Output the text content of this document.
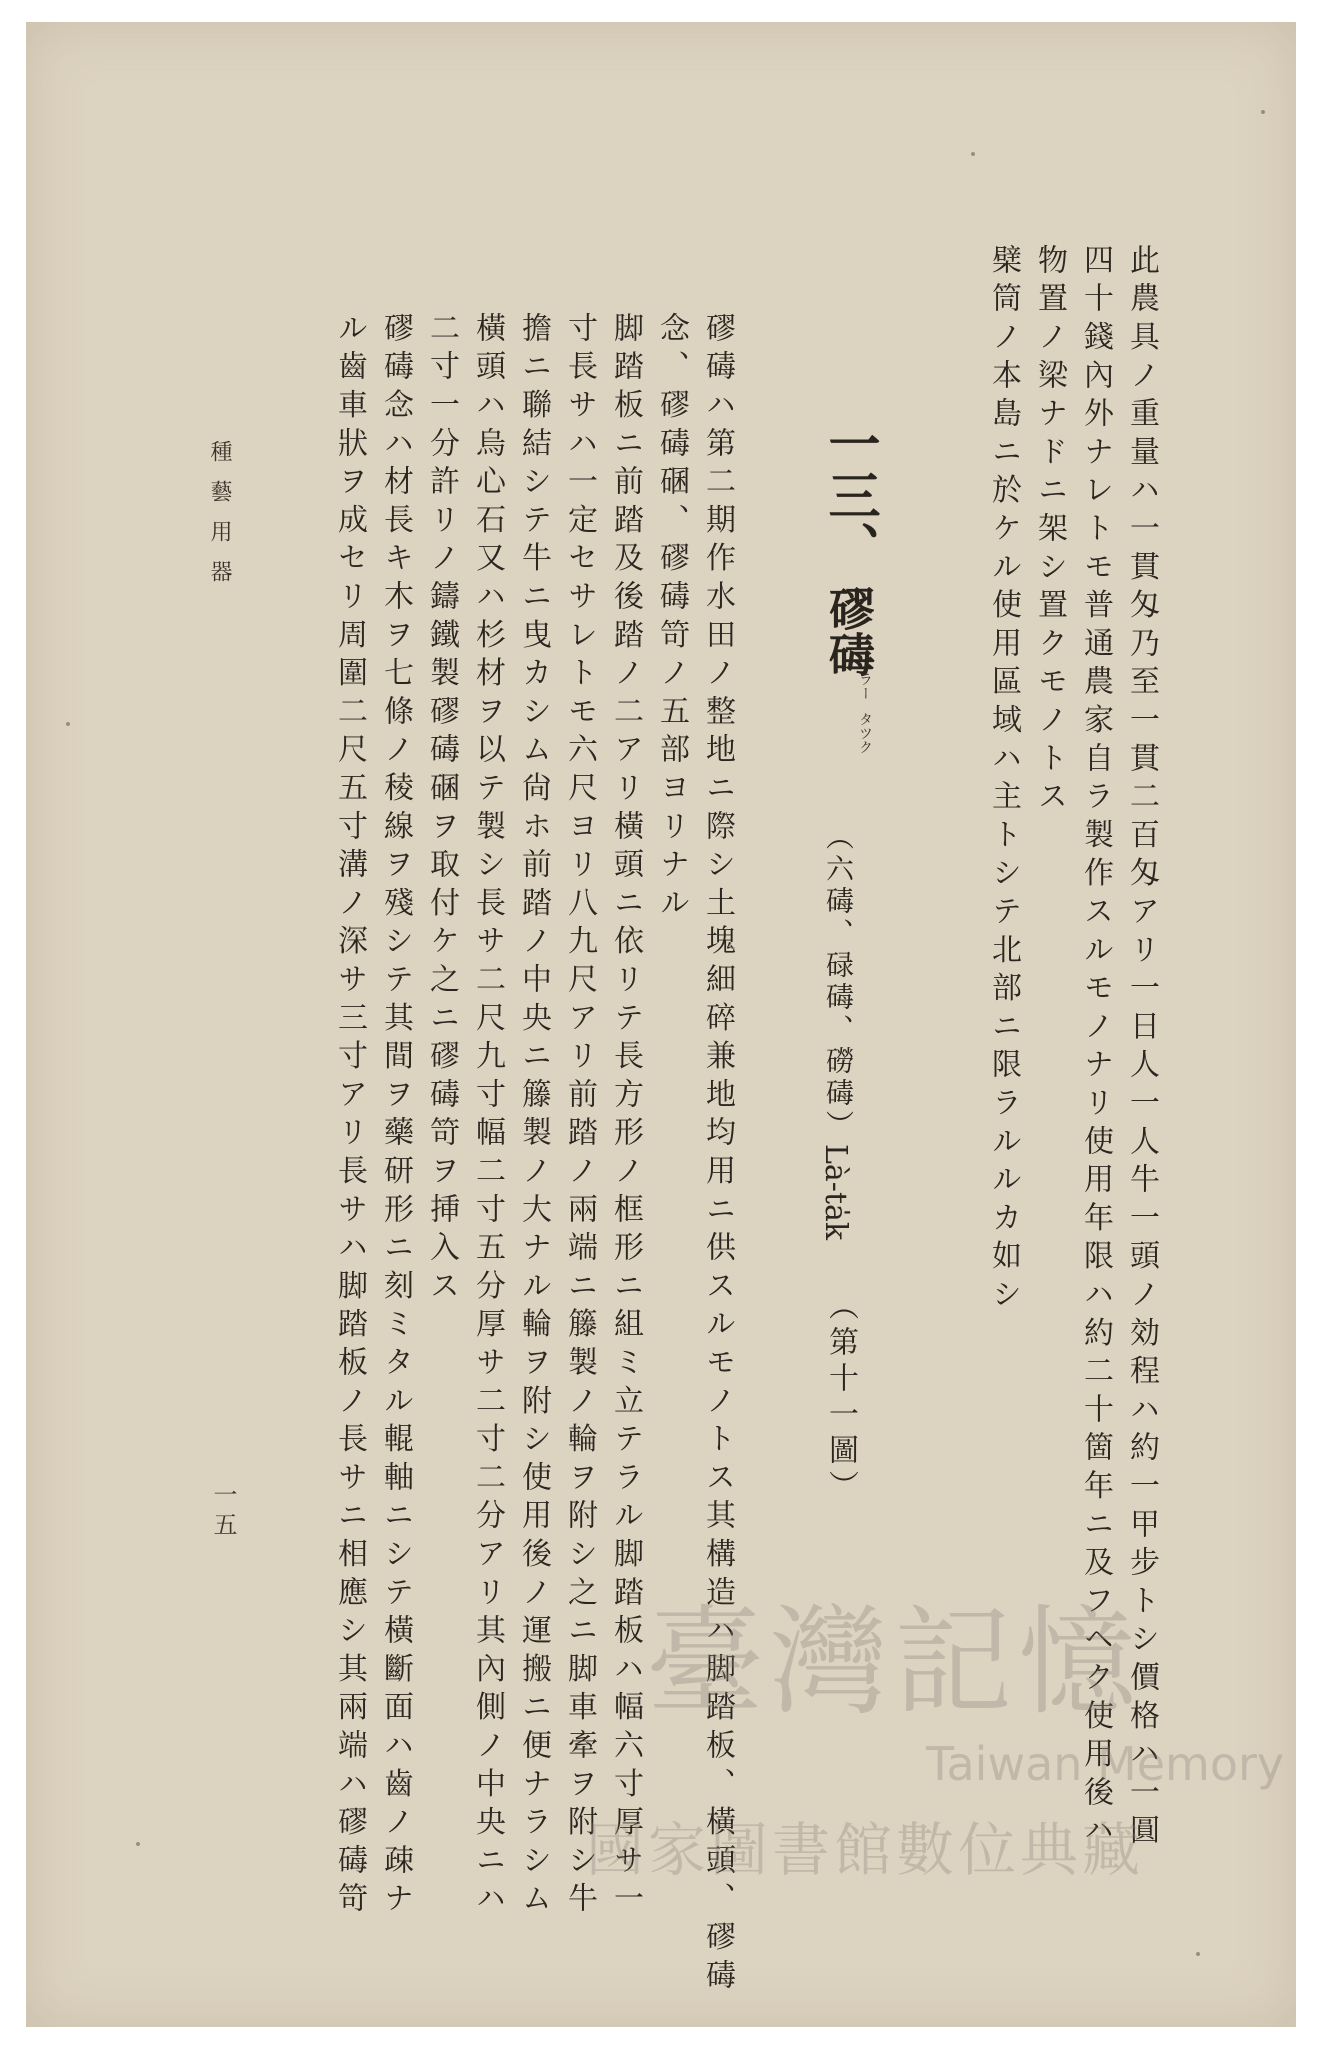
此農具ノ重量ハ一貫匁乃至一貫二百匁アリ一日人一人牛一頭ノ効程ハ約一甲步トシ價格ハ一圓
四十錢內外ナレトモ普通農家自ラ製作スルモノナリ使用年限ハ約二十箇年ニ及フヘク使用後ハ
物置ノ梁ナドニ架シ置クモノトス
檗筒ノ本島ニ於ケル使用區域ハ主トシテ北部ニ限ラルルカ如シ
一三、磟碡
ラー
タツク
（六碡、碌碡、磱碡）
Là-ta̍k
（第十一圖）
磟碡ハ第二期作水田ノ整地ニ際シ土塊細碎兼地均用ニ供スルモノトス其構造ハ脚踏板、橫頭、磟碡
念、磟碡碅、磟碡笴ノ五部ヨリナル
脚踏板ニ前踏及後踏ノ二アリ橫頭ニ依リテ長方形ノ框形ニ組ミ立テラル脚踏板ハ幅六寸厚サ一
寸長サハ一定セサレトモ六尺ヨリ八九尺アリ前踏ノ兩端ニ籐製ノ輪ヲ附シ之ニ脚車牽ヲ附シ牛
擔ニ聯結シテ牛ニ曳カシム尙ホ前踏ノ中央ニ籐製ノ大ナル輪ヲ附シ使用後ノ運搬ニ便ナラシム
橫頭ハ烏心石又ハ杉材ヲ以テ製シ長サ二尺九寸幅二寸五分厚サ二寸二分アリ其內側ノ中央ニハ
二寸一分許リノ鑄鐵製磟碡碅ヲ取付ケ之ニ磟碡笴ヲ挿入ス
磟碡念ハ材長キ木ヲ七條ノ稜線ヲ殘シテ其間ヲ藥研形ニ刻ミタル輥軸ニシテ橫斷面ハ齒ノ疎ナ
ル齒車狀ヲ成セリ周圍二尺五寸溝ノ深サ三寸アリ長サハ脚踏板ノ長サニ相應シ其兩端ハ磟碡笴
種藝用器
一五
臺灣記憶
Taiwan Memory
國家圖書館數位典藏
